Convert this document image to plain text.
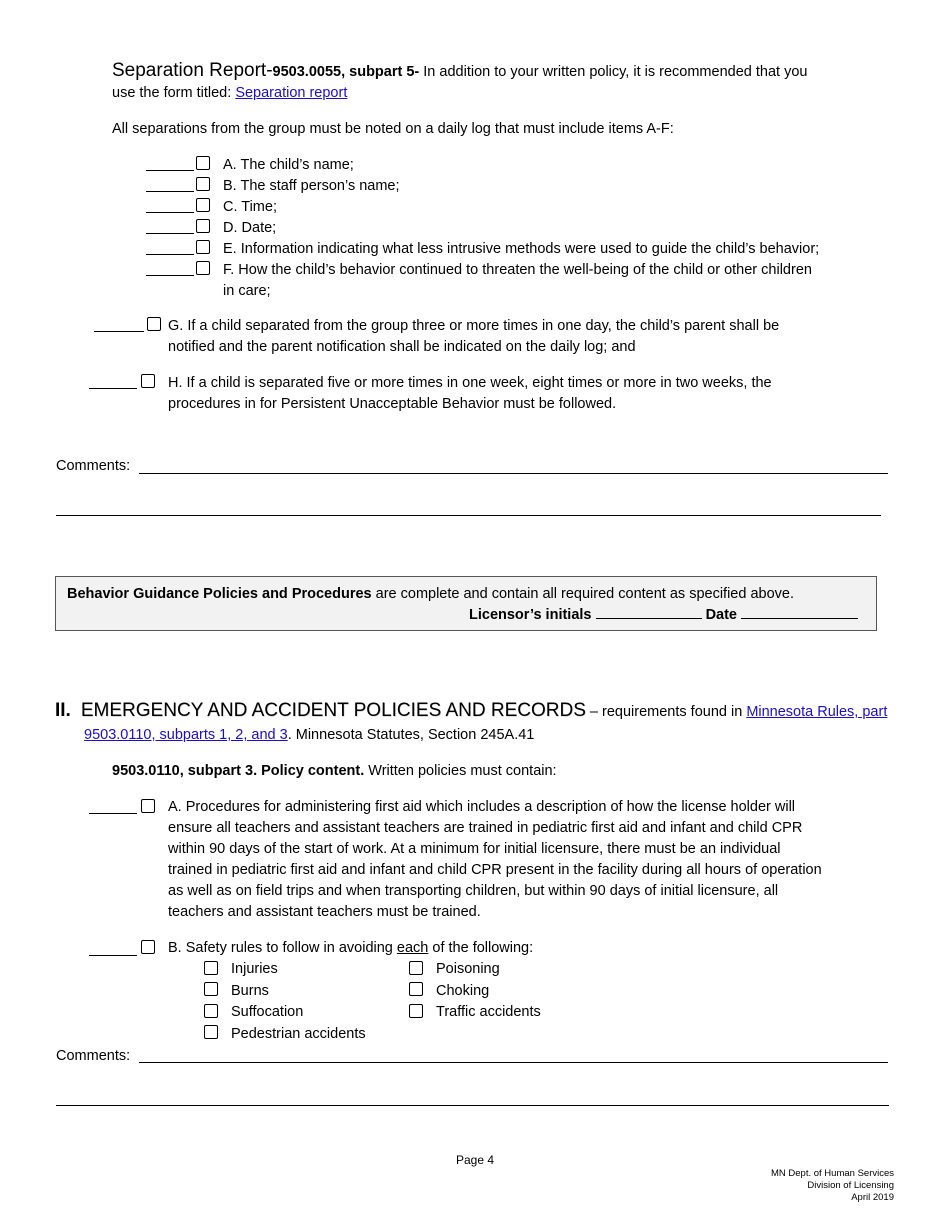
Separation Report-9503.0055, subpart 5- In addition to your written policy, it is recommended that you
use the form titled: Separation report
All separations from the group must be noted on a daily log that must include items A-F:
A. The child’s name;
B. The staff person’s name;
C. Time;
D. Date;
E. Information indicating what less intrusive methods were used to guide the child’s behavior;
F. How the child’s behavior continued to threaten the well-being of the child or other children
in care;
G. If a child separated from the group three or more times in one day, the child’s parent shall be
notified and the parent notification shall be indicated on the daily log; and
H. If a child is separated five or more times in one week, eight times or more in two weeks, the
procedures in for Persistent Unacceptable Behavior must be followed.
Comments:
Behavior Guidance Policies and Procedures are complete and contain all required content as specified above.
Licensor’s initials	Date
II. EMERGENCY AND ACCIDENT POLICIES AND RECORDS – requirements found in Minnesota Rules, part
9503.0110, subparts 1, 2, and 3. Minnesota Statutes, Section 245A.41
9503.0110, subpart 3. Policy content. Written policies must contain:
A. Procedures for administering first aid which includes a description of how the license holder will
ensure all teachers and assistant teachers are trained in pediatric first aid and infant and child CPR
within 90 days of the start of work. At a minimum for initial licensure, there must be an individual
trained in pediatric first aid and infant and child CPR present in the facility during all hours of operation
as well as on field trips and when transporting children, but within 90 days of initial licensure, all
teachers and assistant teachers must be trained.
B. Safety rules to follow in avoiding each of the following:
Injuries
Burns
Suffocation
Pedestrian accidents
Poisoning
Choking
Traffic accidents
Comments:
Page 4
MN Dept. of Human Services
Division of Licensing
April 2019
